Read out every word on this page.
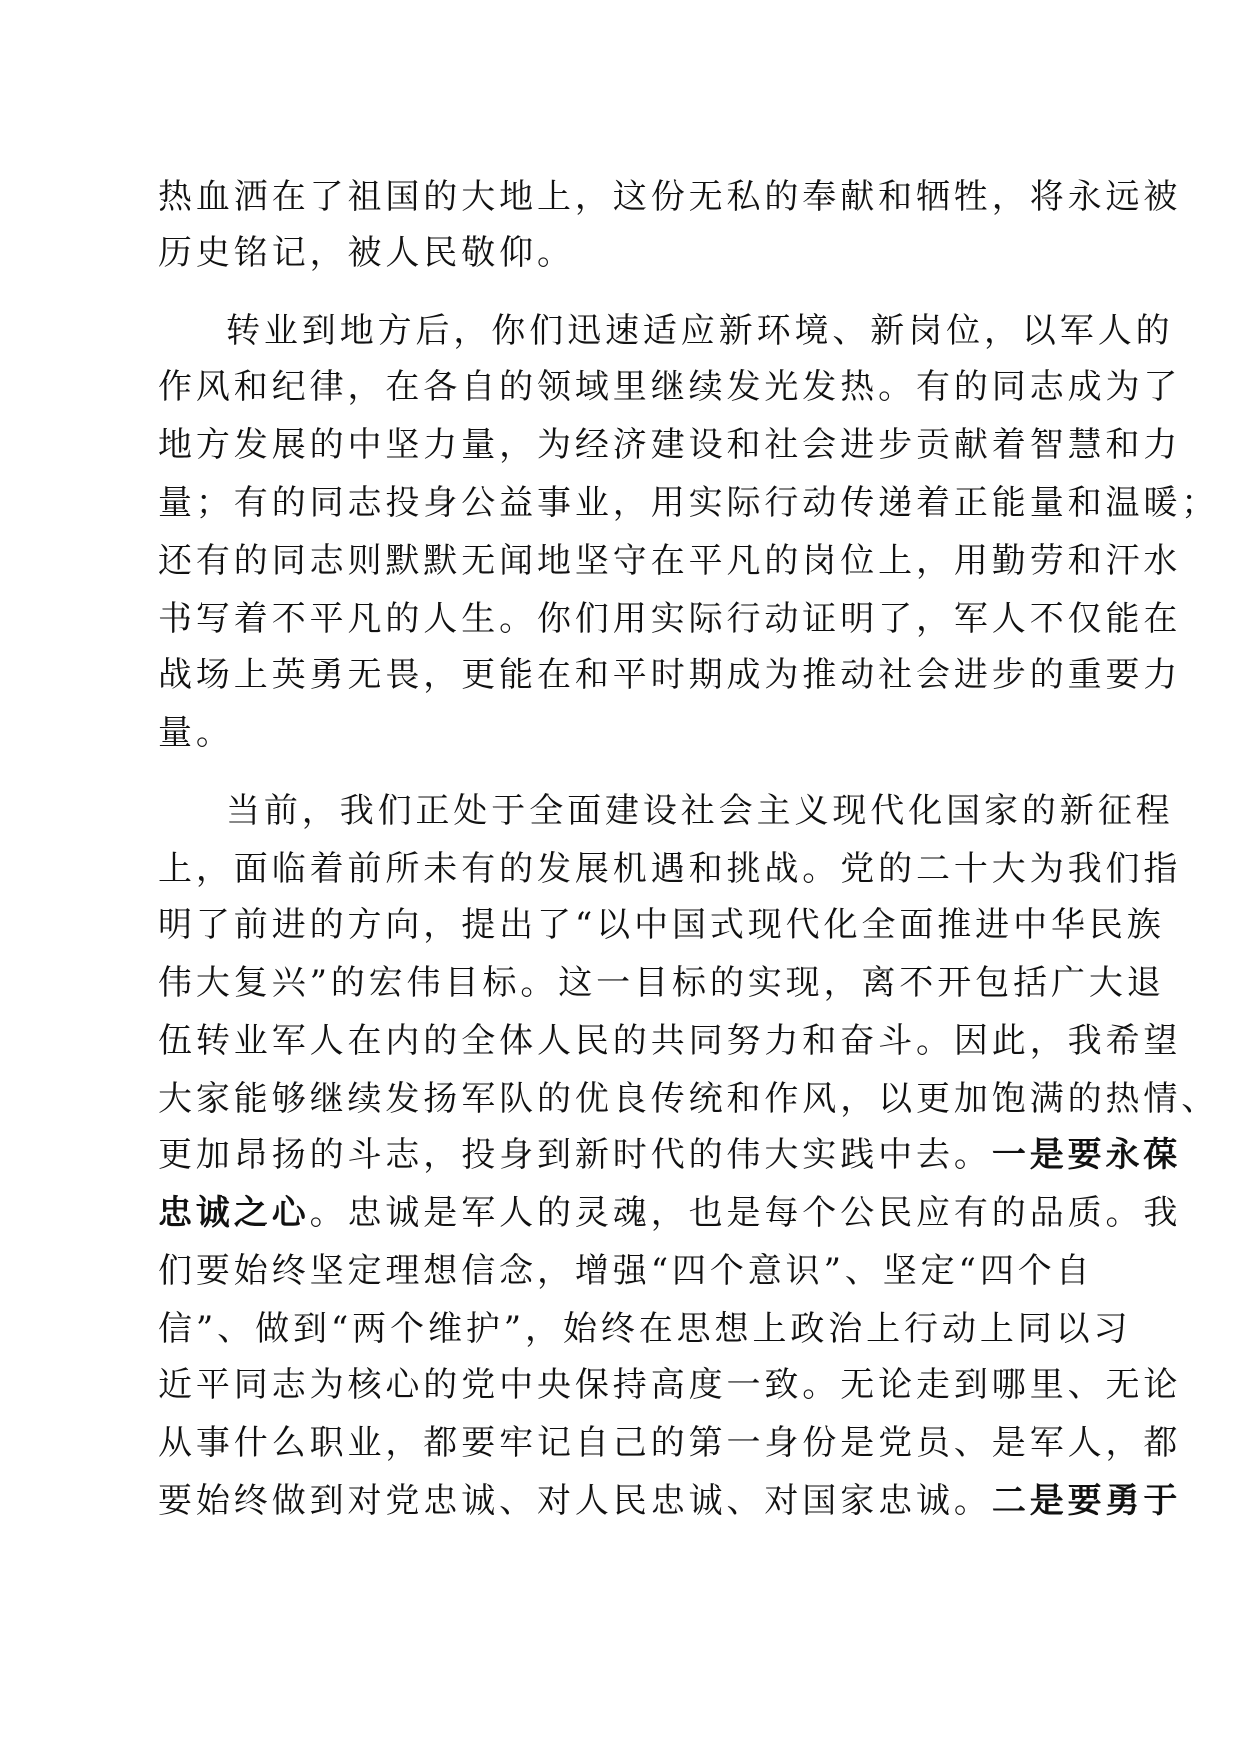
热血洒在了祖国的大地上，这份无私的奉献和牺牲，将永远被
历史铭记，被人民敬仰。
转业到地方后，你们迅速适应新环境、新岗位，以军人的
作风和纪律，在各自的领域里继续发光发热。有的同志成为了
地方发展的中坚力量，为经济建设和社会进步贡献着智慧和力
量；有的同志投身公益事业，用实际行动传递着正能量和温暖；
还有的同志则默默无闻地坚守在平凡的岗位上，用勤劳和汗水
书写着不平凡的人生。你们用实际行动证明了，军人不仅能在
战场上英勇无畏，更能在和平时期成为推动社会进步的重要力
量。
当前，我们正处于全面建设社会主义现代化国家的新征程
上，面临着前所未有的发展机遇和挑战。党的二十大为我们指
明了前进的方向，提出了“以中国式现代化全面推进中华民族
伟大复兴”的宏伟目标。这一目标的实现，离不开包括广大退
伍转业军人在内的全体人民的共同努力和奋斗。因此，我希望
大家能够继续发扬军队的优良传统和作风，以更加饱满的热情、
更加昂扬的斗志，投身到新时代的伟大实践中去。一是要永葆
忠诚之心。忠诚是军人的灵魂，也是每个公民应有的品质。我
们要始终坚定理想信念，增强“四个意识”、坚定“四个自
信”、做到“两个维护”，始终在思想上政治上行动上同以习
近平同志为核心的党中央保持高度一致。无论走到哪里、无论
从事什么职业，都要牢记自己的第一身份是党员、是军人，都
要始终做到对党忠诚、对人民忠诚、对国家忠诚。二是要勇于
